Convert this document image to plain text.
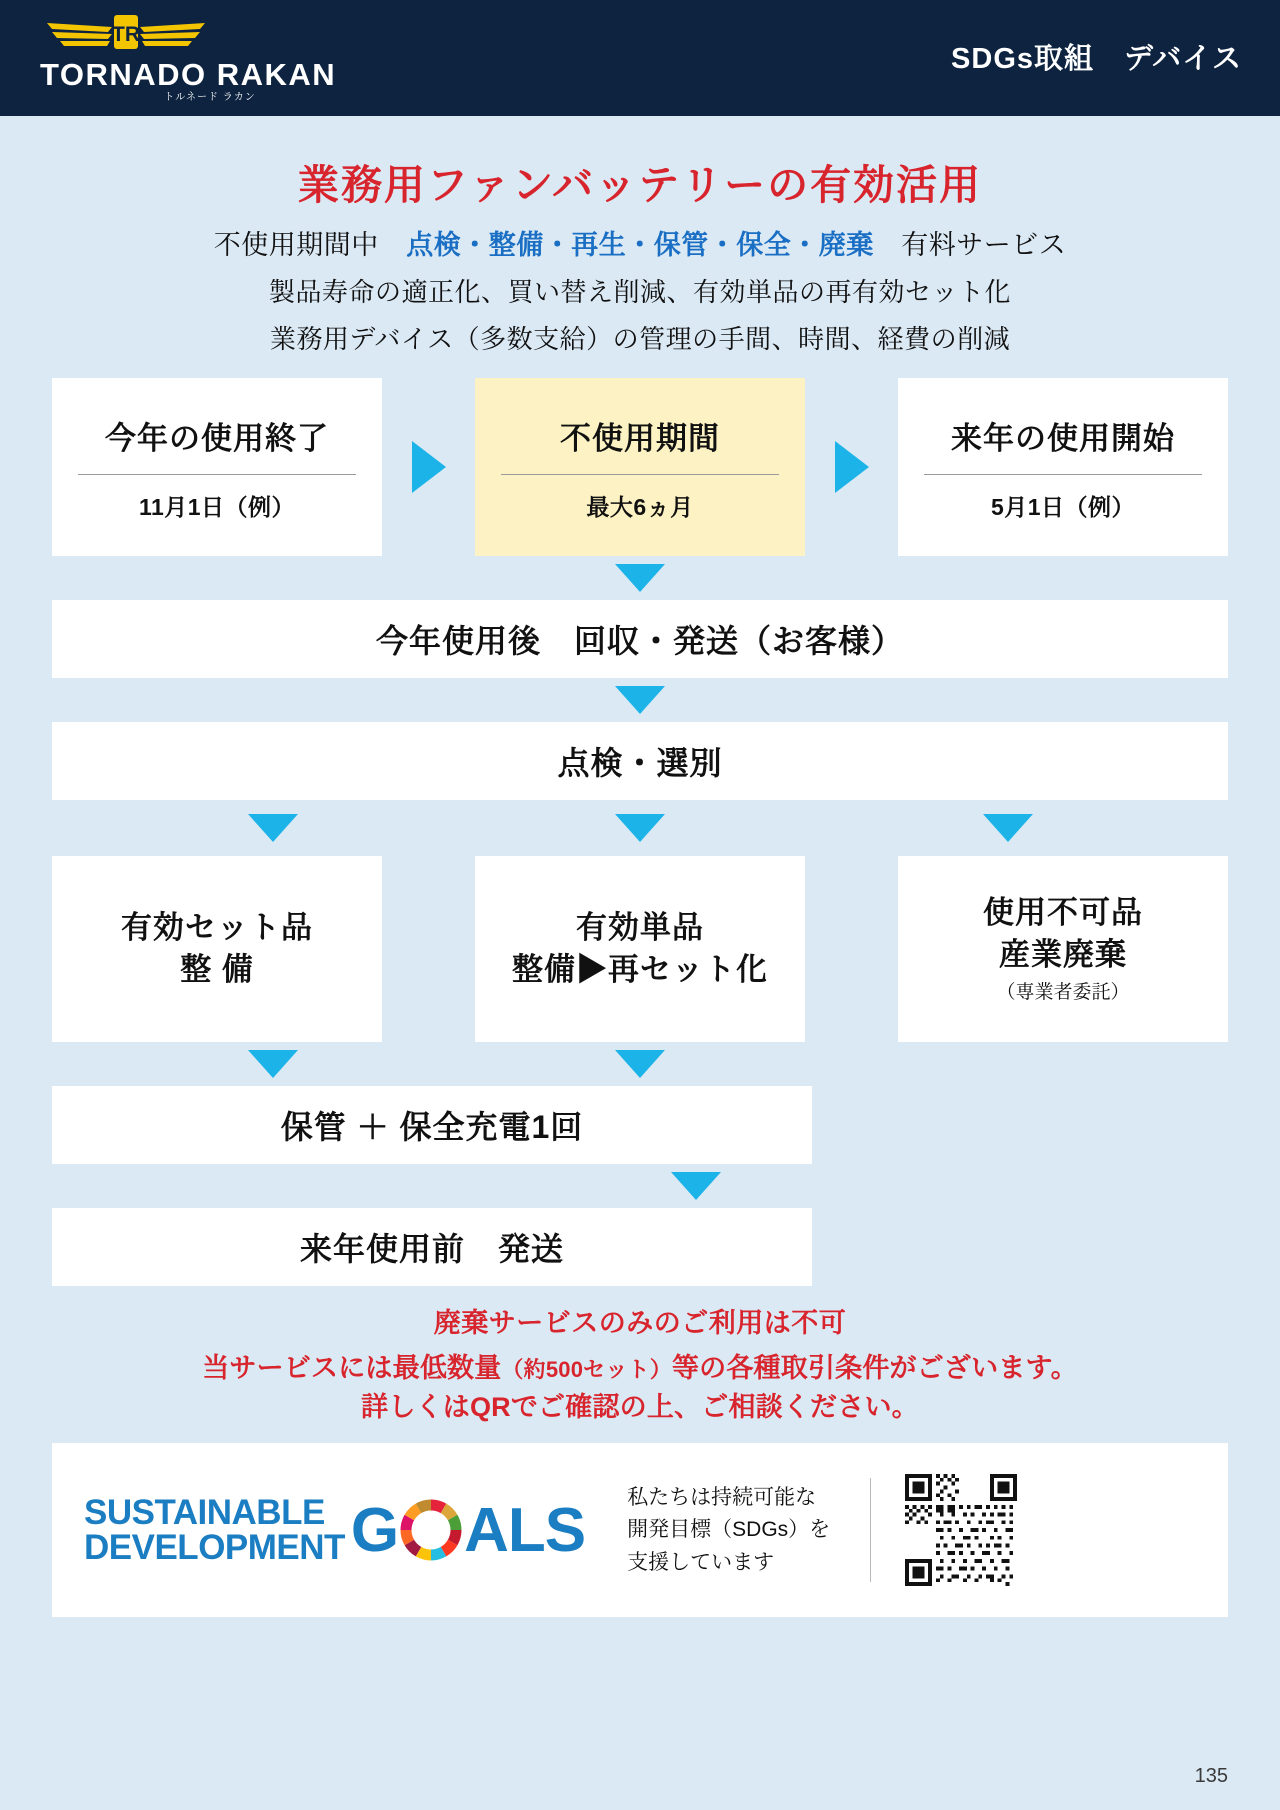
TR
TORNADO RAKAN
トルネード ラカン
SDGs取組　デバイス
業務用ファンバッテリーの有効活用
不使用期間中　点検・整備・再生・保管・保全・廃棄　有料サービス
製品寿命の適正化、買い替え削減、有効単品の再有効セット化
業務用デバイス（多数支給）の管理の手間、時間、経費の削減
今年の使用終了
11月1日（例）
不使用期間
最大6ヵ月
来年の使用開始
5月1日（例）
今年使用後　回収・発送（お客様）
点検・選別
有効セット品
整 備
有効単品
整備▶再セット化
使用不可品
産業廃棄
（専業者委託）
保管 ＋ 保全充電1回
来年使用前　発送
廃棄サービスのみのご利用は不可
当サービスには最低数量（約500セット）等の各種取引条件がございます。
詳しくはQRでご確認の上、ご相談ください。
SUSTAINABLE
DEVELOPMENT G ALS 私たちは持続可能な
開発目標（SDGs）を
支援しています
135
